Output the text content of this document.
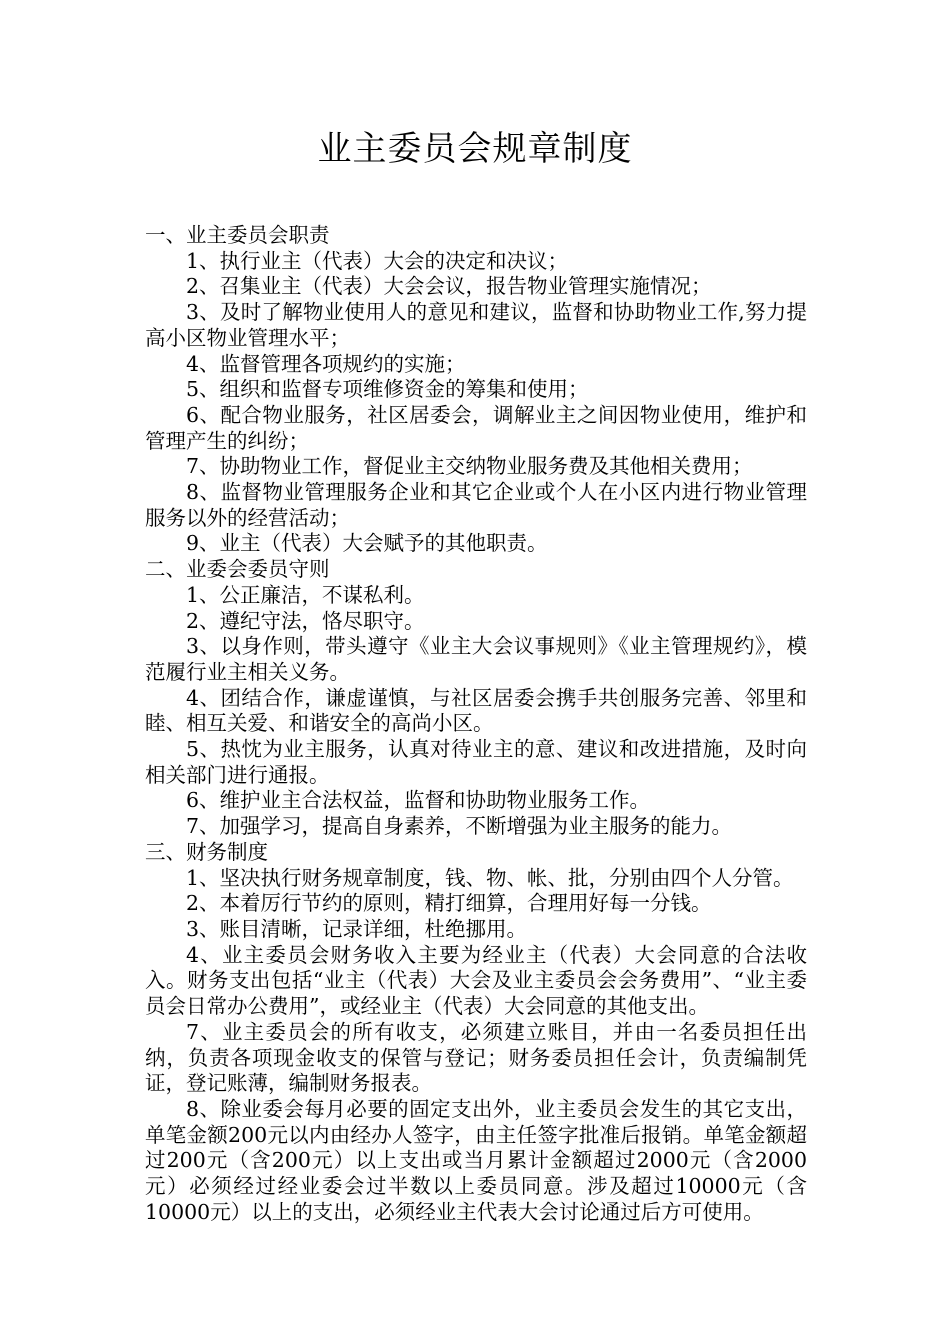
业主委员会规章制度
一、业主委员会职责

1、执行业主（代表）大会的决定和决议；

2、召集业主（代表）大会会议，报告物业管理实施情况；

3、及时了解物业使用人的意见和建议，监督和协助物业工作,努力提高小区物业管理水平；

4、监督管理各项规约的实施；

5、组织和监督专项维修资金的筹集和使用；

6、配合物业服务，社区居委会，调解业主之间因物业使用，维护和管理产生的纠纷；

7、协助物业工作，督促业主交纳物业服务费及其他相关费用；

8、监督物业管理服务企业和其它企业或个人在小区内进行物业管理服务以外的经营活动；

9、业主（代表）大会赋予的其他职责。

二、业委会委员守则

1、公正廉洁，不谋私利。

2、遵纪守法，恪尽职守。

3、以身作则，带头遵守《业主大会议事规则》《业主管理规约》，模范履行业主相关义务。

4、团结合作，谦虚谨慎，与社区居委会携手共创服务完善、邻里和睦、相互关爱、和谐安全的高尚小区。

5、热忱为业主服务，认真对待业主的意、建议和改进措施，及时向相关部门进行通报。

6、维护业主合法权益，监督和协助物业服务工作。

7、加强学习，提高自身素养，不断增强为业主服务的能力。

三、财务制度

1、坚决执行财务规章制度，钱、物、帐、批，分别由四个人分管。

2、本着厉行节约的原则，精打细算，合理用好每一分钱。

3、账目清晰，记录详细，杜绝挪用。

4、业主委员会财务收入主要为经业主（代表）大会同意的合法收入。财务支出包括“业主（代表）大会及业主委员会会务费用”、“业主委员会日常办公费用”，或经业主（代表）大会同意的其他支出。

7、业主委员会的所有收支，必须建立账目，并由一名委员担任出纳，负责各项现金收支的保管与登记；财务委员担任会计，负责编制凭证，登记账薄，编制财务报表。

8、除业委会每月必要的固定支出外，业主委员会发生的其它支出，单笔金额200元以内由经办人签字，由主任签字批准后报销。单笔金额超过200元（含200元）以上支出或当月累计金额超过2000元（含2000元）必须经过经业委会过半数以上委员同意。涉及超过10000元（含10000元）以上的支出，必须经业主代表大会讨论通过后方可使用。
